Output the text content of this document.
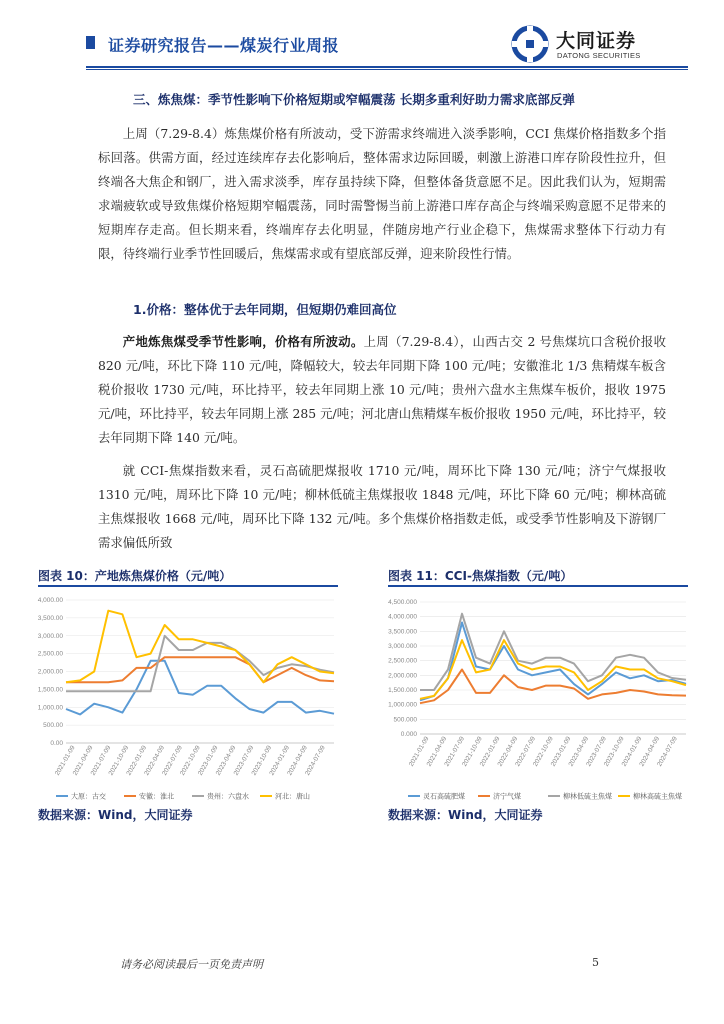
证券研究报告——煤炭行业周报	大同证券
DATONG SECURITIES
三、炼焦煤：季节性影响下价格短期或窄幅震荡 长期多重利好助力需求底部反弹
上周（7.29-8.4）炼焦煤价格有所波动，受下游需求终端进入淡季影响，CCI 焦煤价格指数多个指标回落。供需方面，经过连续库存去化影响后，整体需求边际回暖，刺激上游港口库存阶段性拉升，但终端各大焦企和钢厂，进入需求淡季，库存虽持续下降，但整体备货意愿不足。因此我们认为，短期需求端疲软或导致焦煤价格短期窄幅震荡，同时需警惕当前上游港口库存高企与终端采购意愿不足带来的短期库存走高。但长期来看，终端库存去化明显，伴随房地产行业企稳下，焦煤需求整体下行动力有限，待终端行业季节性回暖后，焦煤需求或有望底部反弹，迎来阶段性行情。
1.价格：整体优于去年同期，但短期仍难回高位
产地炼焦煤受季节性影响，价格有所波动。上周（7.29-8.4），山西古交 2 号焦煤坑口含税价报收 820 元/吨，环比下降 110 元/吨，降幅较大，较去年同期下降 100 元/吨；安徽淮北 1/3 焦精煤车板含税价报收 1730 元/吨，环比持平，较去年同期上涨 10 元/吨；贵州六盘水主焦煤车板价，报收 1975 元/吨，环比持平，较去年同期上涨 285 元/吨；河北唐山焦精煤车板价报收 1950 元/吨，环比持平，较去年同期下降 140 元/吨。
就 CCI-焦煤指数来看，灵石高硫肥煤报收 1710 元/吨，周环比下降 130 元/吨；济宁气煤报收 1310 元/吨，周环比下降 10 元/吨；柳林低硫主焦煤报收 1848 元/吨，环比下降 60 元/吨；柳林高硫主焦煤报收 1668 元/吨，周环比下降 132 元/吨。多个焦煤价格指数走低，或受季节性影响及下游钢厂需求偏低所致
图表 10：产地炼焦煤价格（元/吨）	图表 11：CCI-焦煤指数（元/吨）
0.00
500.00
1,000.00
1,500.00
2,000.00
2,500.00
3,000.00
3,500.00
4,000.00
2021-01-09
2021-04-09
2021-07-09
2021-10-09
2022-01-09
2022-04-09
2022-07-09
2022-10-09
2023-01-09
2023-04-09
2023-07-09
2023-10-09
2024-01-09
2024-04-09
2024-07-09
大原：古交	安徽：淮北	贵州：六盘水	河北：唐山
0.000
500.000
1,000.000
1,500.000
2,000.000
2,500.000
3,000.000
3,500.000
4,000.000
4,500.000
2021-01-09
2021-04-09
2021-07-09
2021-10-09
2022-01-09
2022-04-09
2022-07-09
2022-10-09
2023-01-09
2023-04-09
2023-07-09
2023-10-09
2024-01-09
2024-04-09
2024-07-09
灵石高硫肥煤	济宁气煤	柳林低硫主焦煤	柳林高硫主焦煤
数据来源：Wind，大同证券	数据来源：Wind，大同证券
请务必阅读最后一页免责声明	5
